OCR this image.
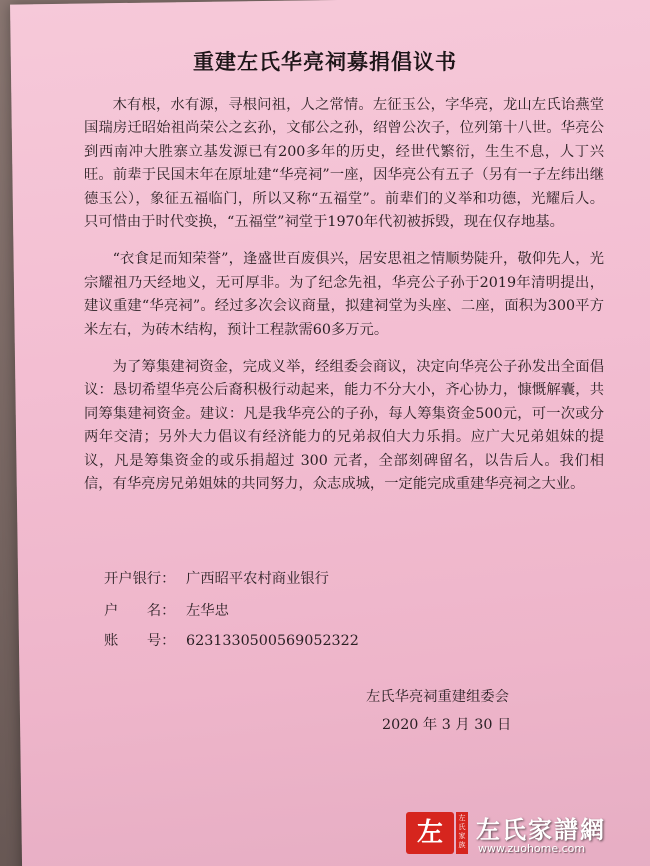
重建左氏华亮祠募捐倡议书

木有根，水有源，寻根问祖，人之常情。左征玉公，字华亮，龙山左氏诒燕堂国瑞房迁昭始祖尚荣公之玄孙，文郁公之孙，绍曾公次子，位列第十八世。华亮公到西南冲大胜寨立基发源已有200多年的历史，经世代繁衍，生生不息，人丁兴旺。前辈于民国末年在原址建“华亮祠”一座，因华亮公有五子（另有一子左纬出继德玉公），象征五福临门，所以又称“五福堂”。前辈们的义举和功德，光耀后人。只可惜由于时代变换，“五福堂”祠堂于1970年代初被拆毁，现在仅存地基。

“衣食足而知荣誉”，逢盛世百废俱兴，居安思祖之情顺势陡升，敬仰先人，光宗耀祖乃天经地义，无可厚非。为了纪念先祖，华亮公子孙于2019年清明提出，建议重建“华亮祠”。经过多次会议商量，拟建祠堂为头座、二座，面积为300平方米左右，为砖木结构，预计工程款需60多万元。

为了筹集建祠资金，完成义举，经组委会商议，决定向华亮公子孙发出全面倡议：恳切希望华亮公后裔积极行动起来，能力不分大小，齐心协力，慷慨解囊，共同筹集建祠资金。建议：凡是我华亮公的子孙，每人筹集资金500元，可一次或分两年交清；另外大力倡议有经济能力的兄弟叔伯大力乐捐。应广大兄弟姐妹的提议，凡是筹集资金的或乐捐超过 300 元者，全部刻碑留名，以告后人。我们相信，有华亮房兄弟姐妹的共同努力，众志成城，一定能完成重建华亮祠之大业。

开户银行： 广西昭平农村商业银行
户　　名： 左华忠
账　　号： 6231330500569052322
左氏华亮祠重建组委会
2020 年 3 月 30 日
左	左氏家族
左氏家譜網
www.zuohome.com
